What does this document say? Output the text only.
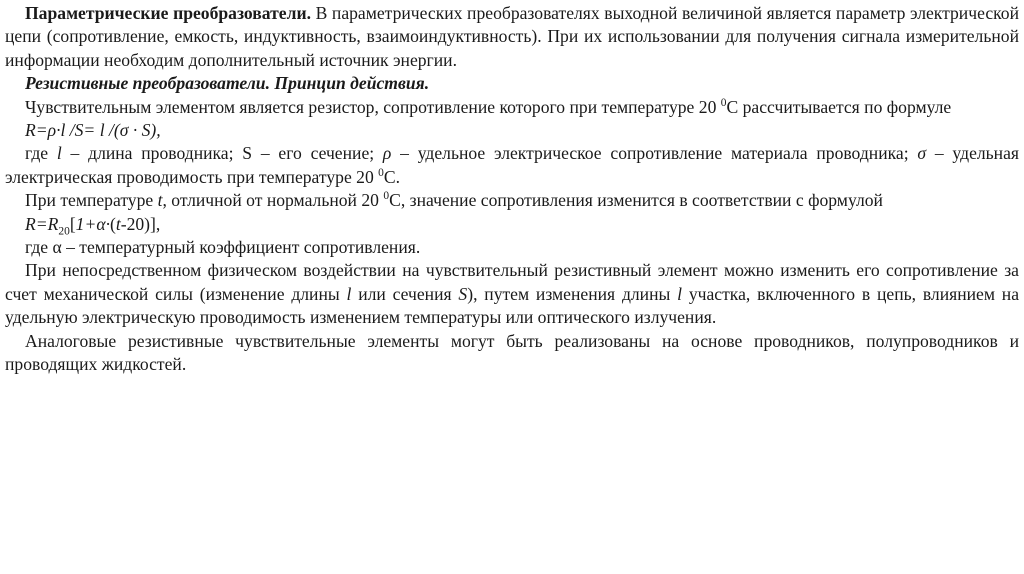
Параметрические преобразователи. В параметрических преобразователях выходной величиной является параметр электрической цепи (сопротивление, емкость, индуктивность, взаимоиндуктивность). При их использовании для получения сигнала измерительной информации необходим дополнительный источник энергии.

Резистивные преобразователи. Принцип действия.

Чувствительным элементом является резистор, сопротивление которого при температуре 20 $^0$С рассчитывается по формуле

R=ρ·l /S= l /(σ · S),

где l – длина проводника; S – его сечение; ρ – удельное электрическое сопротивление материала проводника; σ – удельная электрическая проводимость при температуре 20 $^0$С.

При температуре t, отличной от нормальной 20 $^0$С, значение сопротивления изменится в соответствии с формулой

$R=R_{20}[1+\alpha\cdot(t-20)]$,

где α – температурный коэффициент сопротивления.

При непосредственном физическом воздействии на чувствительный резистивный элемент можно изменить его сопротивление за счет механической силы (изменение длины l или сечения S), путем изменения длины l участка, включенного в цепь, влиянием на удельную электрическую проводимость изменением температуры или оптического излучения.

Аналоговые резистивные чувствительные элементы могут быть реализованы на основе проводников, полупроводников и проводящих жидкостей.
